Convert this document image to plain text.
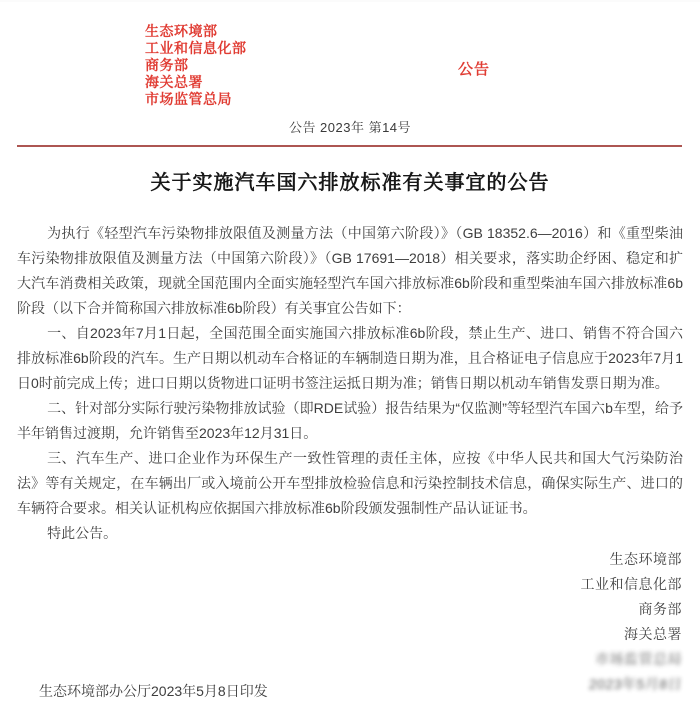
生态环境部
工业和信息化部
商务部
海关总署
市场监管总局
公告
公告 2023年 第14号
关于实施汽车国六排放标准有关事宜的公告
为执行《轻型汽车污染物排放限值及测量方法（中国第六阶段）》（GB 18352.6—2016）和《重型柴油车污染物排放限值及测量方法（中国第六阶段）》（GB 17691—2018）相关要求，落实助企纾困、稳定和扩大汽车消费相关政策，现就全国范围内全面实施轻型汽车国六排放标准6b阶段和重型柴油车国六排放标准6b阶段（以下合并简称国六排放标准6b阶段）有关事宜公告如下：
一、自2023年7月1日起，全国范围全面实施国六排放标准6b阶段，禁止生产、进口、销售不符合国六排放标准6b阶段的汽车。生产日期以机动车合格证的车辆制造日期为准，且合格证电子信息应于2023年7月1日0时前完成上传；进口日期以货物进口证明书签注运抵日期为准；销售日期以机动车销售发票日期为准。
二、针对部分实际行驶污染物排放试验（即RDE试验）报告结果为“仅监测”等轻型汽车国六b车型，给予半年销售过渡期，允许销售至2023年12月31日。
三、汽车生产、进口企业作为环保生产一致性管理的责任主体，应按《中华人民共和国大气污染防治法》等有关规定，在车辆出厂或入境前公开车型排放检验信息和污染控制技术信息，确保实际生产、进口的车辆符合要求。相关认证机构应依据国六排放标准6b阶段颁发强制性产品认证证书。
特此公告。
生态环境部
工业和信息化部
商务部
海关总署
市场监管总局
2023年5月8日
生态环境部办公厅2023年5月8日印发
